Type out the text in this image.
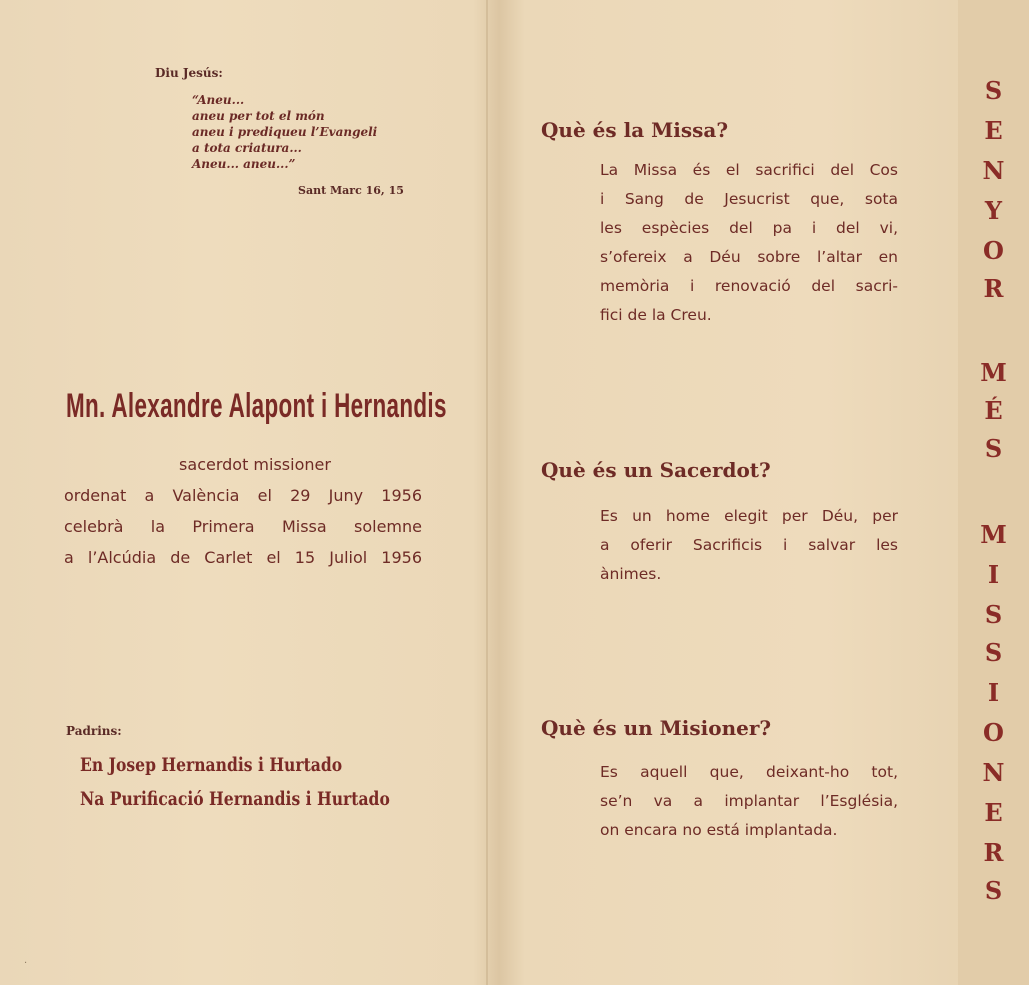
Diu Jesús:
“Aneu...
aneu per tot el món
aneu i prediqueu l’Evangeli
a tota criatura...
Aneu... aneu...”
Sant Marc 16, 15
Mn. Alexandre Alapont i Hernandis
sacerdot missioner
ordenat a València el 29 Juny 1956
celebrà la Primera Missa solemne
a l’Alcúdia de Carlet el 15 Juliol 1956
Padrins:
En Josep Hernandis i Hurtado
Na Purificació Hernandis i Hurtado
Què és la Missa?
La Missa és el sacrifici del Cos
i Sang de Jesucrist que, sota
les espècies del pa i del vi,
s’ofereix a Déu sobre l’altar en
memòria i renovació del sacri-
fici de la Creu.
Què és un Sacerdot?
Es un home elegit per Déu, per
a oferir Sacrificis i salvar les
ànimes.
Què és un Misioner?
Es aquell que, deixant-ho tot,
se’n va a implantar l’Església,
on encara no está implantada.
S
E
N
Y
O
R
M
É
S
M
I
S
S
I
O
N
E
R
S
·
